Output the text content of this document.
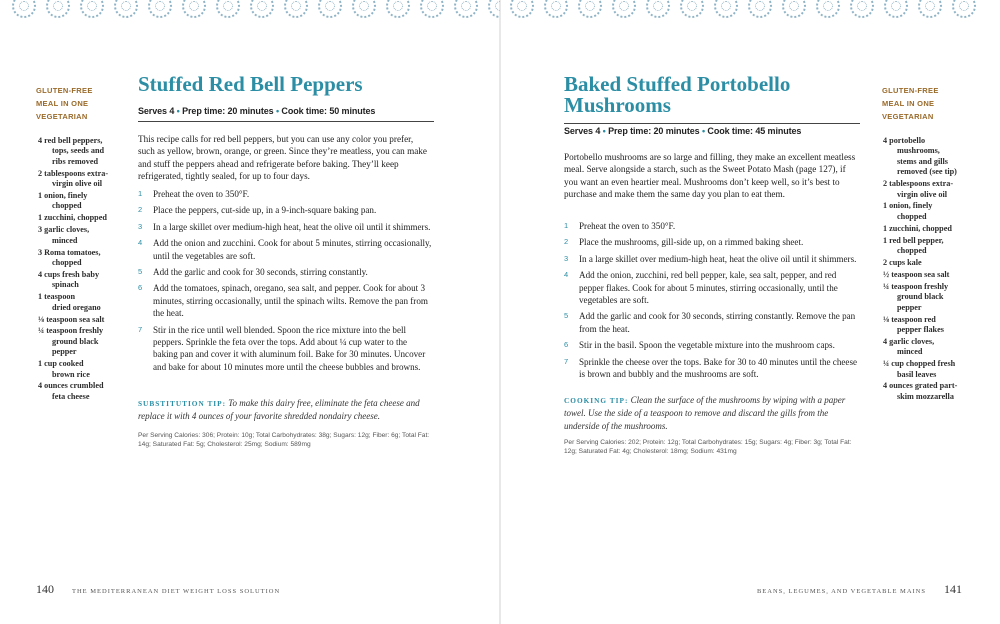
GLUTEN-FREE
MEAL IN ONE
VEGETARIAN
4 red bell peppers,
tops, seeds and
ribs removed
2 tablespoons extra-
virgin olive oil
1 onion, finely
chopped
1 zucchini, chopped
3 garlic cloves,
minced
3 Roma tomatoes,
chopped
4 cups fresh baby
spinach
1 teaspoon
dried oregano
⅛ teaspoon sea salt
¼ teaspoon freshly
ground black
pepper
1 cup cooked
brown rice
4 ounces crumbled
feta cheese
Stuffed Red Bell Peppers
Serves 4 • Prep time: 20 minutes • Cook time: 50 minutes
This recipe calls for red bell peppers, but you can use any color you prefer, such as yellow, brown, orange, or green. Since they’re meatless, you can make and stuff the peppers ahead and refrigerate before baking. They’ll keep refrigerated, tightly sealed, for up to four days.
1 Preheat the oven to 350°F.
2 Place the peppers, cut-side up, in a 9-inch-square baking pan.
3 In a large skillet over medium-high heat, heat the olive oil until it shimmers.
4 Add the onion and zucchini. Cook for about 5 minutes, stirring occasionally, until the vegetables are soft.
5 Add the garlic and cook for 30 seconds, stirring constantly.
6 Add the tomatoes, spinach, oregano, sea salt, and pepper. Cook for about 3 minutes, stirring occasionally, until the spinach wilts. Remove the pan from the heat.
7 Stir in the rice until well blended. Spoon the rice mixture into the bell peppers. Sprinkle the feta over the tops. Add about ¼ cup water to the baking pan and cover it with aluminum foil. Bake for 30 minutes. Uncover and bake for about 10 minutes more until the cheese bubbles and browns.
SUBSTITUTION TIP: To make this dairy free, eliminate the feta cheese and replace it with 4 ounces of your favorite shredded nondairy cheese.
Per Serving Calories: 306; Protein: 10g; Total Carbohydrates: 38g; Sugars: 12g; Fiber: 6g; Total Fat: 14g; Saturated Fat: 5g; Cholesterol: 25mg; Sodium: 589mg
140	THE MEDITERRANEAN DIET WEIGHT LOSS SOLUTION
Baked Stuffed Portobello
Mushrooms
Serves 4 • Prep time: 20 minutes • Cook time: 45 minutes
Portobello mushrooms are so large and filling, they make an excellent meatless meal. Serve alongside a starch, such as the Sweet Potato Mash (page 127), if you want an even heartier meal. Mushrooms don’t keep well, so it’s best to purchase and make them the same day you plan to eat them.
1 Preheat the oven to 350°F.
2 Place the mushrooms, gill-side up, on a rimmed baking sheet.
3 In a large skillet over medium-high heat, heat the olive oil until it shimmers.
4 Add the onion, zucchini, red bell pepper, kale, sea salt, pepper, and red pepper flakes. Cook for about 5 minutes, stirring occasionally, until the vegetables are soft.
5 Add the garlic and cook for 30 seconds, stirring constantly. Remove the pan from the heat.
6 Stir in the basil. Spoon the vegetable mixture into the mushroom caps.
7 Sprinkle the cheese over the tops. Bake for 30 to 40 minutes until the cheese is brown and bubbly and the mushrooms are soft.
COOKING TIP: Clean the surface of the mushrooms by wiping with a paper towel. Use the side of a teaspoon to remove and discard the gills from the underside of the mushrooms.
Per Serving Calories: 202; Protein: 12g; Total Carbohydrates: 15g; Sugars: 4g; Fiber: 3g; Total Fat: 12g; Saturated Fat: 4g; Cholesterol: 18mg; Sodium: 431mg
GLUTEN-FREE
MEAL IN ONE
VEGETARIAN
4 portobello
mushrooms,
stems and gills
removed (see tip)
2 tablespoons extra-
virgin olive oil
1 onion, finely
chopped
1 zucchini, chopped
1 red bell pepper,
chopped
2 cups kale
½ teaspoon sea salt
¼ teaspoon freshly
ground black
pepper
⅛ teaspoon red
pepper flakes
4 garlic cloves,
minced
¼ cup chopped fresh
basil leaves
4 ounces grated part-
skim mozzarella
BEANS, LEGUMES, AND VEGETABLE MAINS 141
